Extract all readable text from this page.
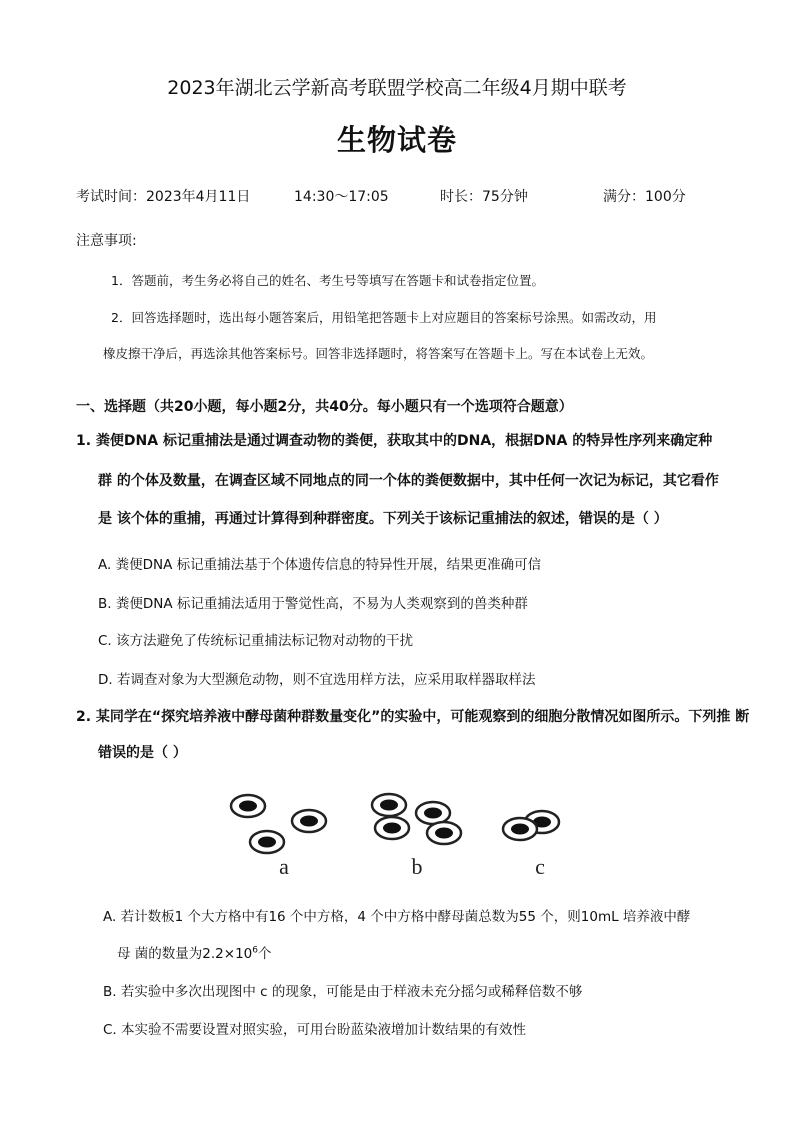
2023年湖北云学新高考联盟学校高二年级4月期中联考
生物试卷
考试时间：2023年4月11日	14:30～17:05	时长：75分钟	满分：100分
注意事项:
1．答题前，考生务必将自己的姓名、考生号等填写在答题卡和试卷指定位置。
2．回答选择题时，选出每小题答案后，用铅笔把答题卡上对应题目的答案标号涂黑。如需改动，用
橡皮擦干净后，再选涂其他答案标号。回答非选择题时，将答案写在答题卡上。写在本试卷上无效。
一、选择题（共20小题，每小题2分，共40分。每小题只有一个选项符合题意）
1. 粪便DNA 标记重捕法是通过调查动物的粪便，获取其中的DNA，根据DNA 的特异性序列来确定种
群 的个体及数量，在调查区域不同地点的同一个体的粪便数据中，其中任何一次记为标记，其它看作
是 该个体的重捕，再通过计算得到种群密度。下列关于该标记重捕法的叙述，错误的是（ ）
A. 粪便DNA 标记重捕法基于个体遗传信息的特异性开展，结果更准确可信
B. 粪便DNA 标记重捕法适用于警觉性高，不易为人类观察到的兽类种群
C. 该方法避免了传统标记重捕法标记物对动物的干扰
D. 若调查对象为大型濒危动物，则不宜选用样方法，应采用取样器取样法
2. 某同学在“探究培养液中酵母菌种群数量变化”的实验中，可能观察到的细胞分散情况如图所示。下列推 断
错误的是（ ）
a	b	c
A. 若计数板1 个大方格中有16 个中方格，4 个中方格中酵母菌总数为55 个，则10mL 培养液中酵
母 菌的数量为$2.2\times 10^6$个
B. 若实验中多次出现图中 c 的现象，可能是由于样液未充分摇匀或稀释倍数不够
C. 本实验不需要设置对照实验，可用台盼蓝染液增加计数结果的有效性
